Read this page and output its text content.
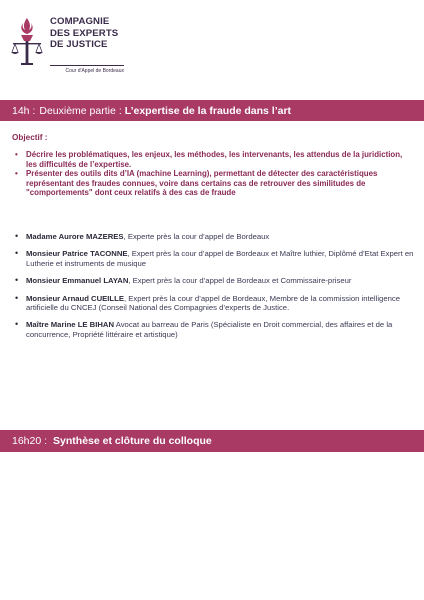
COMPAGNIE
DES EXPERTS
DE JUSTICE
Cour d'Appel de Bordeaux
14h : Deuxième partie : L’expertise de la fraude dans l’art
Objectif :
• Décrire les problématiques, les enjeux, les méthodes, les intervenants, les attendus de la juridiction, les difficultés de l’expertise.
• Présenter des outils dits d’IA (machine Learning), permettant de détecter des caractéristiques représentant des fraudes connues, voire dans certains cas de retrouver des similitudes de "comportements" dont ceux relatifs à des cas de fraude
• Madame Aurore MAZERES, Experte près la cour d’appel de Bordeaux
• Monsieur Patrice TACONNE, Expert près la cour d’appel de Bordeaux et Maître luthier, Diplômé d’Etat Expert en Lutherie et instruments de musique
• Monsieur Emmanuel LAYAN, Expert près la cour d’appel de Bordeaux et Commissaire-priseur
• Monsieur Arnaud CUEILLE, Expert près la cour d’appel de Bordeaux, Membre de la commission intelligence artificielle du CNCEJ (Conseil National des Compagnies d’experts de Justice.
• Maître Marine LE BIHAN Avocat au barreau de Paris (Spécialiste en Droit commercial, des affaires et de la concurrence, Propriété littéraire et artistique)
16h20 : Synthèse et clôture du colloque
